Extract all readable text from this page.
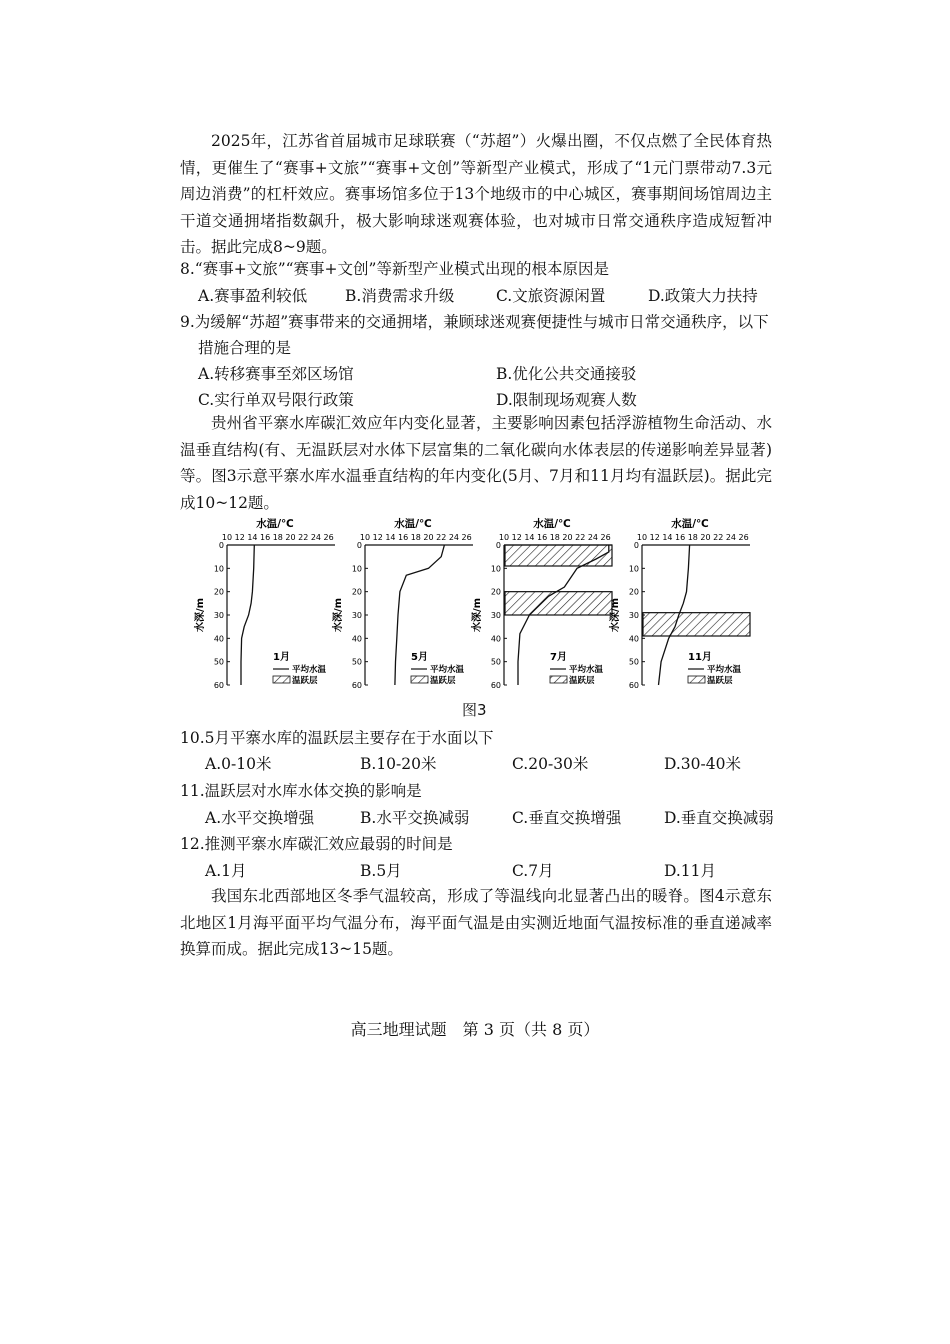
2025年，江苏省首届城市足球联赛（“苏超”）火爆出圈，不仅点燃了全民体育热情，更催生了“赛事+文旅”“赛事+文创”等新型产业模式，形成了“1元门票带动7.3元周边消费”的杠杆效应。赛事场馆多位于13个地级市的中心城区，赛事期间场馆周边主干道交通拥堵指数飙升，极大影响球迷观赛体验，也对城市日常交通秩序造成短暂冲击。据此完成8~9题。
8.“赛事+文旅”“赛事+文创”等新型产业模式出现的根本原因是
A.赛事盈利较低 B.消费需求升级	C.文旅资源闲置	D.政策大力扶持
9.为缓解“苏超”赛事带来的交通拥堵，兼顾球迷观赛便捷性与城市日常交通秩序，以下
措施合理的是
A.转移赛事至郊区场馆	B.优化公共交通接驳
C.实行单双号限行政策	D.限制现场观赛人数
贵州省平寨水库碳汇效应年内变化显著，主要影响因素包括浮游植物生命活动、水温垂直结构(有、无温跃层对水体下层富集的二氧化碳向水体表层的传递影响差异显著)等。图3示意平寨水库水温垂直结构的年内变化(5月、7月和11月均有温跃层)。据此完成10~12题。
水温/℃
10 12 14 16 18 20 22 24 26
0
10
20
30
40
50
60
水深/m
1月
平均水温
温跃层
水温/℃
10 12 14 16 18 20 22 24 26
0
10
20
30
40
50
60
水深/m
5月
平均水温
温跃层
水温/℃
10 12 14 16 18 20 22 24 26
0
10
20
30
40
50
60
水深/m
7月
平均水温
温跃层
水温/℃
10 12 14 16 18 20 22 24 26
0
10
20
30
40
50
60
水深/m
11月
平均水温
温跃层
图3
10.5月平寨水库的温跃层主要存在于水面以下
A.0-10米	B.10-20米	C.20-30米	D.30-40米
11.温跃层对水库水体交换的影响是
A.水平交换增强	B.水平交换减弱	C.垂直交换增强	D.垂直交换减弱
12.推测平寨水库碳汇效应最弱的时间是
A.1月	B.5月	C.7月	D.11月
我国东北西部地区冬季气温较高，形成了等温线向北显著凸出的暖脊。图4示意东北地区1月海平面平均气温分布，海平面气温是由实测近地面气温按标准的垂直递减率换算而成。据此完成13~15题。
高三地理试题　第 3 页（共 8 页）
